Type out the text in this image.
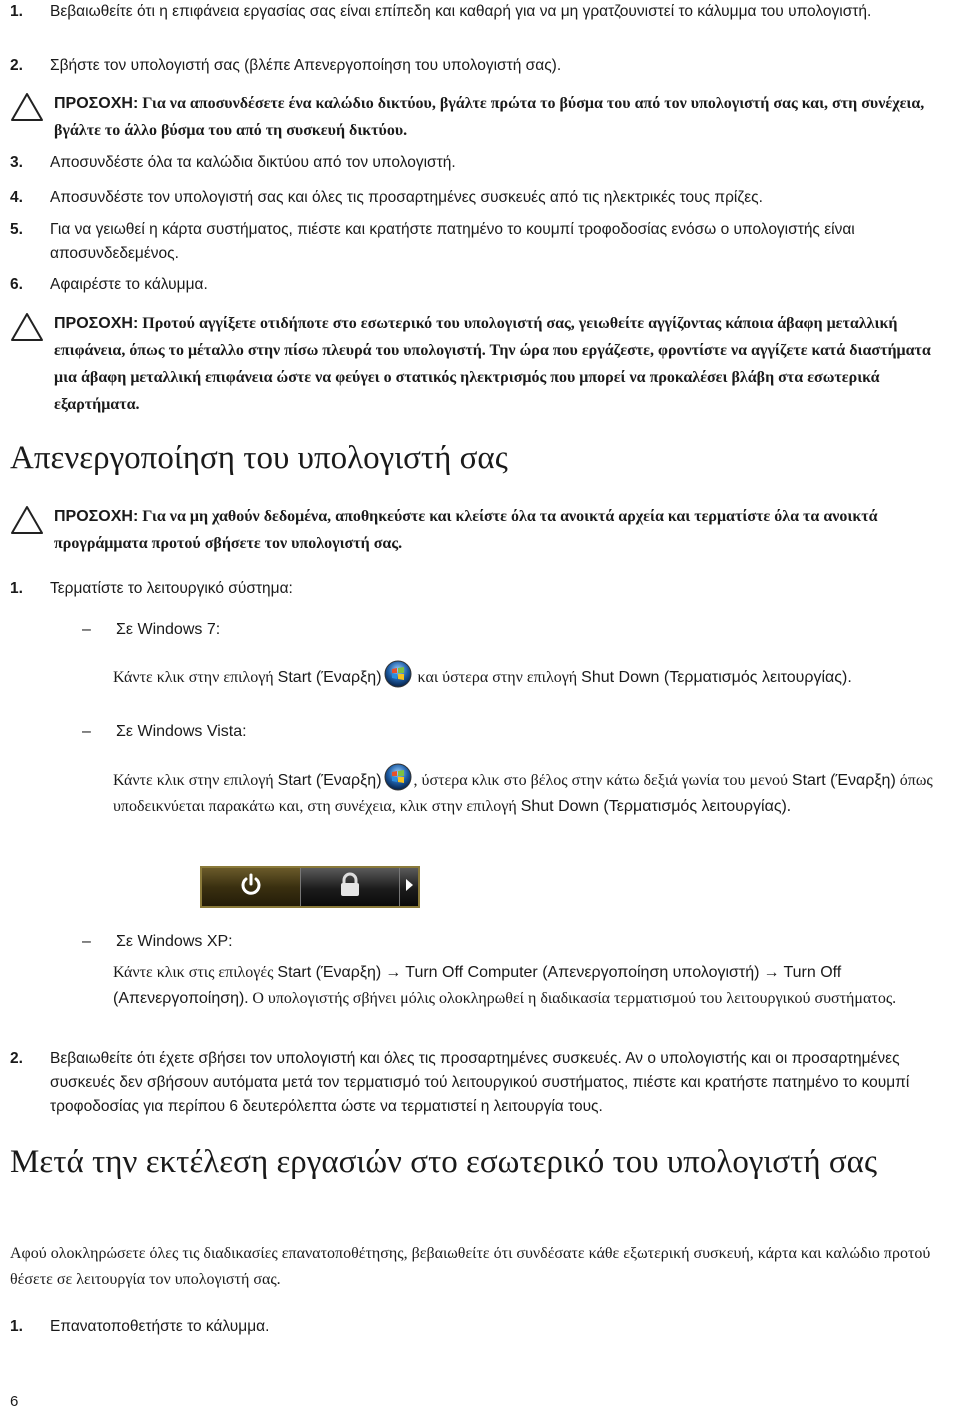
1.	Βεβαιωθείτε ότι η επιφάνεια εργασίας σας είναι επίπεδη και καθαρή για να μη γρατζουνιστεί το κάλυμμα του υπολογιστή.
2.	Σβήστε τον υπολογιστή σας (βλέπε Απενεργοποίηση του υπολογιστή σας).
ΠΡΟΣΟΧΗ: Για να αποσυνδέσετε ένα καλώδιο δικτύου, βγάλτε πρώτα το βύσμα του από τον υπολογιστή σας και, στη συνέχεια, βγάλτε το άλλο βύσμα του από τη συσκευή δικτύου.
3.	Αποσυνδέστε όλα τα καλώδια δικτύου από τον υπολογιστή.
4.	Αποσυνδέστε τον υπολογιστή σας και όλες τις προσαρτημένες συσκευές από τις ηλεκτρικές τους πρίζες.
5.	Για να γειωθεί η κάρτα συστήματος, πιέστε και κρατήστε πατημένο το κουμπί τροφοδοσίας ενόσω ο υπολογιστής είναι αποσυνδεδεμένος.
6.	Αφαιρέστε το κάλυμμα.
ΠΡΟΣΟΧΗ: Προτού αγγίξετε οτιδήποτε στο εσωτερικό του υπολογιστή σας, γειωθείτε αγγίζοντας κάποια άβαφη μεταλλική επιφάνεια, όπως το μέταλλο στην πίσω πλευρά του υπολογιστή. Την ώρα που εργάζεστε, φροντίστε να αγγίζετε κατά διαστήματα μια άβαφη μεταλλική επιφάνεια ώστε να φεύγει ο στατικός ηλεκτρισμός που μπορεί να προκαλέσει βλάβη στα εσωτερικά εξαρτήματα.
Απενεργοποίηση του υπολογιστή σας
ΠΡΟΣΟΧΗ: Για να μη χαθούν δεδομένα, αποθηκεύστε και κλείστε όλα τα ανοικτά αρχεία και τερματίστε όλα τα ανοικτά προγράμματα προτού σβήσετε τον υπολογιστή σας.
1.	Τερματίστε το λειτουργικό σύστημα:
– Σε Windows 7:
Κάντε κλικ στην επιλογή Start (Έναρξη) και ύστερα στην επιλογή Shut Down (Τερματισμός λειτουργίας).
– Σε Windows Vista:
Κάντε κλικ στην επιλογή Start (Έναρξη) , ύστερα κλικ στο βέλος στην κάτω δεξιά γωνία του μενού Start (Έναρξη) όπως υποδεικνύεται παρακάτω και, στη συνέχεια, κλικ στην επιλογή Shut Down (Τερματισμός λειτουργίας).
– Σε Windows XP:
Κάντε κλικ στις επιλογές Start (Έναρξη) → Turn Off Computer (Απενεργοποίηση υπολογιστή) → Turn Off (Απενεργοποίηση). Ο υπολογιστής σβήνει μόλις ολοκληρωθεί η διαδικασία τερματισμού του λειτουργικού συστήματος.
2.	Βεβαιωθείτε ότι έχετε σβήσει τον υπολογιστή και όλες τις προσαρτημένες συσκευές. Αν ο υπολογιστής και οι προσαρτημένες συσκευές δεν σβήσουν αυτόματα μετά τον τερματισμό τού λειτουργικού συστήματος, πιέστε και κρατήστε πατημένο το κουμπί τροφοδοσίας για περίπου 6 δευτερόλεπτα ώστε να τερματιστεί η λειτουργία τους.
Μετά την εκτέλεση εργασιών στο εσωτερικό του υπολογιστή σας
Αφού ολοκληρώσετε όλες τις διαδικασίες επανατοποθέτησης, βεβαιωθείτε ότι συνδέσατε κάθε εξωτερική συσκευή, κάρτα και καλώδιο προτού θέσετε σε λειτουργία τον υπολογιστή σας.
1.	Επανατοποθετήστε το κάλυμμα.
6
